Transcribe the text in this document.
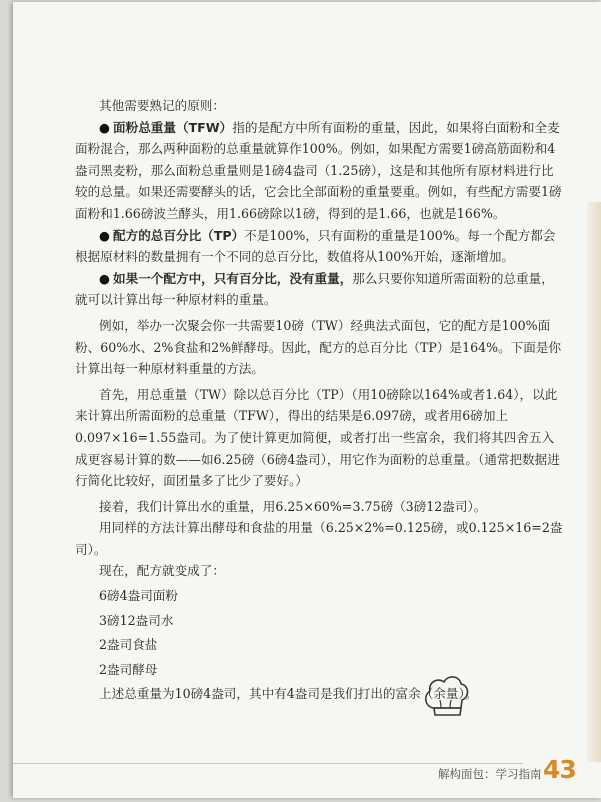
其他需要熟记的原则：

● 面粉总重量（TFW）指的是配方中所有面粉的重量，因此，如果将白面粉和全麦面粉混合，那么两种面粉的总重量就算作100%。例如，如果配方需要1磅高筋面粉和4盎司黑麦粉，那么面粉总重量则是1磅4盎司（1.25磅），这是和其他所有原材料进行比较的总量。如果还需要酵头的话，它会比全部面粉的重量要重。例如，有些配方需要1磅面粉和1.66磅波兰酵头，用1.66磅除以1磅，得到的是1.66，也就是166%。

● 配方的总百分比（TP）不是100%，只有面粉的重量是100%。每一个配方都会根据原材料的数量拥有一个不同的总百分比，数值将从100%开始，逐渐增加。

● 如果一个配方中，只有百分比，没有重量，那么只要你知道所需面粉的总重量，就可以计算出每一种原材料的重量。

例如，举办一次聚会你一共需要10磅（TW）经典法式面包，它的配方是100%面粉、60%水、2%食盐和2%鲜酵母。因此，配方的总百分比（TP）是164%。下面是你计算出每一种原材料重量的方法。

首先，用总重量（TW）除以总百分比（TP）（用10磅除以164%或者1.64），以此来计算出所需面粉的总重量（TFW），得出的结果是6.097磅，或者用6磅加上0.097×16=1.55盎司。为了使计算更加简便，或者打出一些富余，我们将其四舍五入成更容易计算的数——如6.25磅（6磅4盎司），用它作为面粉的总重量。（通常把数据进行简化比较好，面团量多了比少了要好。）

接着，我们计算出水的重量，用6.25×60%=3.75磅（3磅12盎司）。

用同样的方法计算出酵母和食盐的用量（6.25×2%=0.125磅，或0.125×16=2盎司）。

现在，配方就变成了：

6磅4盎司面粉

3磅12盎司水

2盎司食盐

2盎司酵母

上述总重量为10磅4盎司，其中有4盎司是我们打出的富余（余量）。

解构面包：学习指南 43
